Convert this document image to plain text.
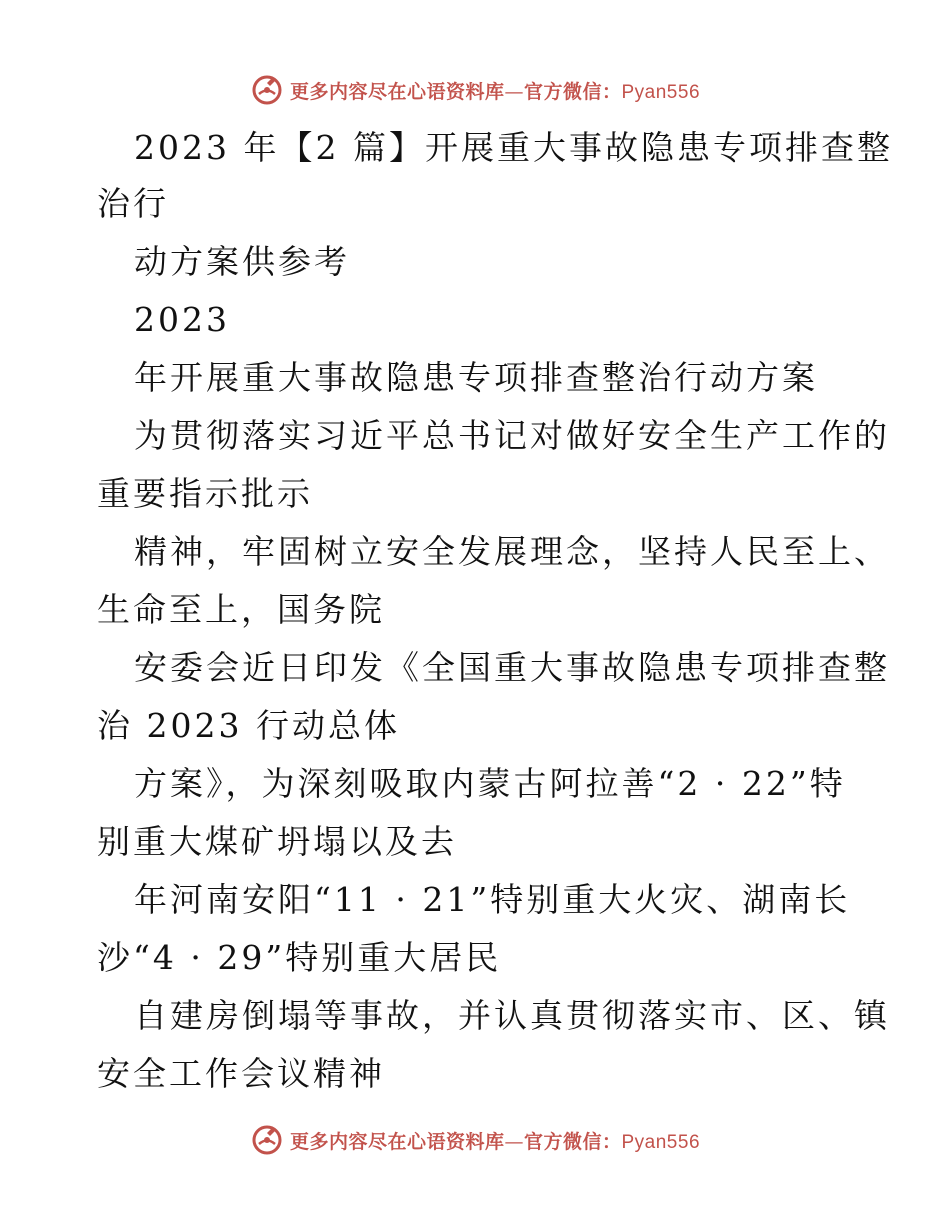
更多内容尽在心语资料库—官方微信：Pyan556
2023 年【2 篇】开展重大事故隐患专项排查整
治行
动方案供参考
2023
年开展重大事故隐患专项排查整治行动方案
为贯彻落实习近平总书记对做好安全生产工作的
重要指示批示
精神，牢固树立安全发展理念，坚持人民至上、
生命至上，国务院
安委会近日印发《全国重大事故隐患专项排查整
治 2023 行动总体
方案》，为深刻吸取内蒙古阿拉善“2 · 22”特
别重大煤矿坍塌以及去
年河南安阳“11 · 21”特别重大火灾、湖南长
沙“4 · 29”特别重大居民
自建房倒塌等事故，并认真贯彻落实市、区、镇
安全工作会议精神
更多内容尽在心语资料库—官方微信：Pyan556
